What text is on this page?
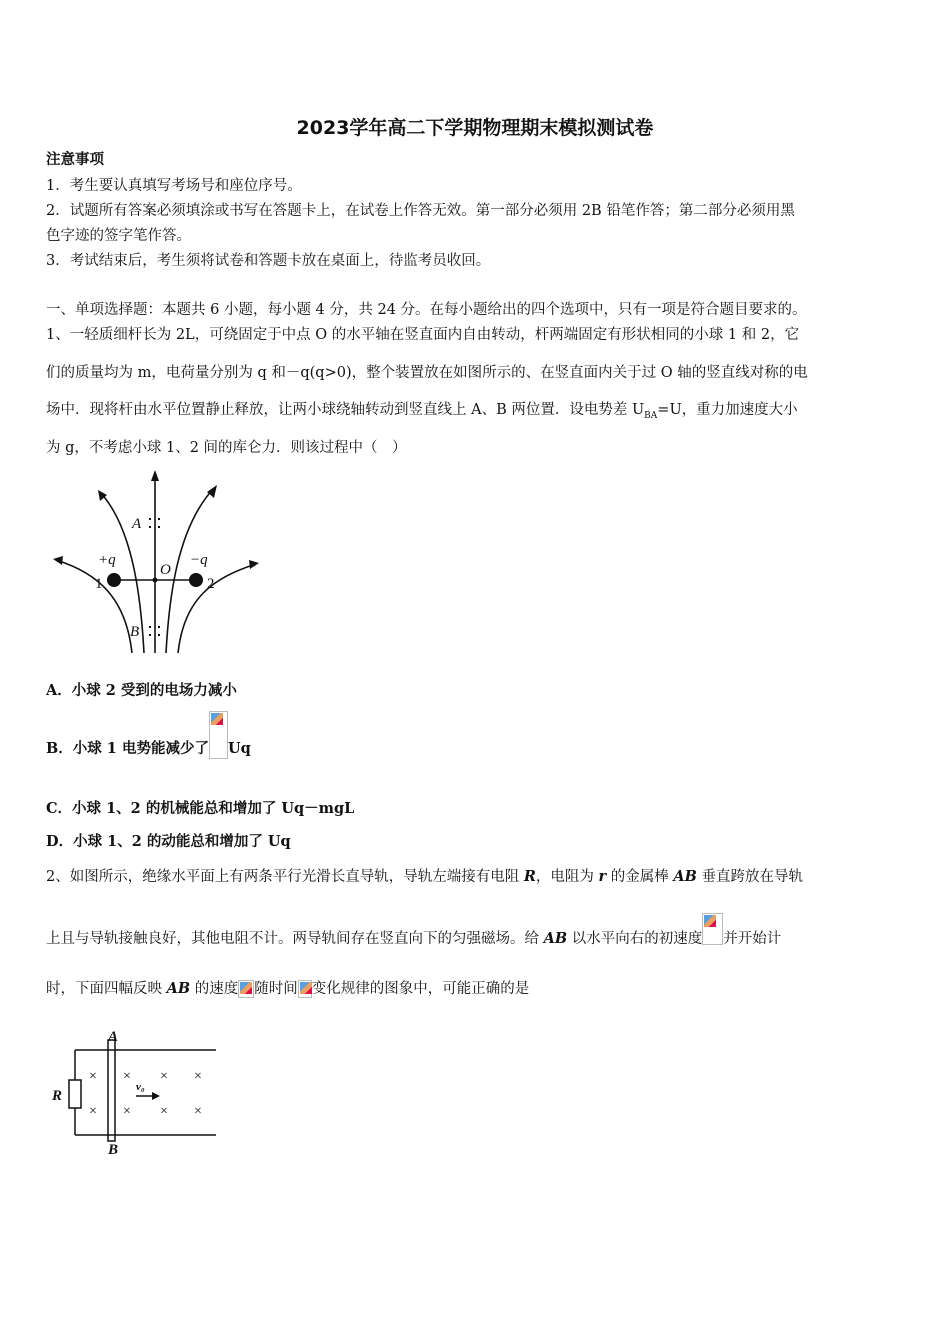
2023学年高二下学期物理期末模拟测试卷
注意事项
1．考生要认真填写考场号和座位序号。
2．试题所有答案必须填涂或书写在答题卡上，在试卷上作答无效。第一部分必须用 2B 铅笔作答；第二部分必须用黑
色字迹的签字笔作答。
3．考试结束后，考生须将试卷和答题卡放在桌面上，待监考员收回。
一、单项选择题：本题共 6 小题，每小题 4 分，共 24 分。在每小题给出的四个选项中，只有一项是符合题目要求的。
1、一轻质细杆长为 2L，可绕固定于中点 O 的水平轴在竖直面内自由转动，杆两端固定有形状相同的小球 1 和 2，它
们的质量均为 m，电荷量分别为 q 和－q(q>0)，整个装置放在如图所示的、在竖直面内关于过 O 轴的竖直线对称的电
场中．现将杆由水平位置静止释放，让两小球绕轴转动到竖直线上 A、B 两位置．设电势差 $U_{BA}=U$，重力加速度大小
为 g，不考虑小球 1、2 间的库仑力．则该过程中（　）
A
B
O
+q	−q
1	2
A．小球 2 受到的电场力减小
B．小球 1 电势能减少了 Uq
C．小球 1、2 的机械能总和增加了 Uq－mgL
D．小球 1、2 的动能总和增加了 Uq
2、如图所示，绝缘水平面上有两条平行光滑长直导轨，导轨左端接有电阻 R，电阻为 r 的金属棒 AB 垂直跨放在导轨
上且与导轨接触良好，其他电阻不计。两导轨间存在竖直向下的匀强磁场。给 AB 以水平向右的初速度 并开始计
时，下面四幅反映 AB 的速度 随时间 变化规律的图象中，可能正确的是
A
B
R
v₀
×
×
×
×
×
×
×
×
